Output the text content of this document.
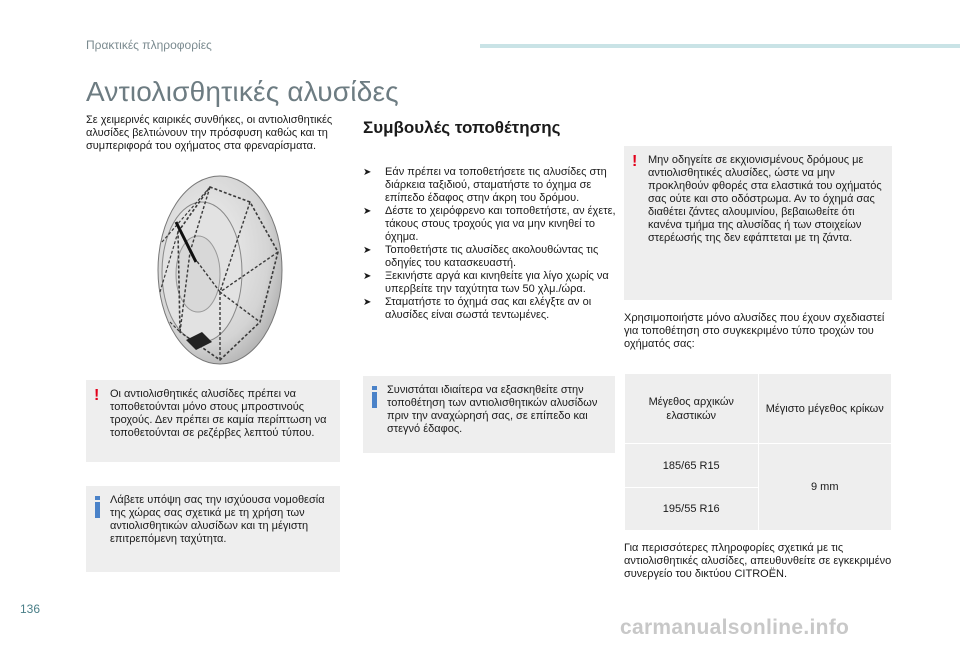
Πρακτικές πληροφορίες
Αντιολισθητικές αλυσίδες

Σε χειμερινές καιρικές συνθήκες, οι αντιολισθητικές αλυσίδες βελτιώνουν την πρόσφυση καθώς και τη συμπεριφορά του οχήματος στα φρεναρίσματα.

! Οι αντιολισθητικές αλυσίδες πρέπει να τοποθετούνται μόνο στους μπροστινούς τροχούς. Δεν πρέπει σε καμία περίπτωση να τοποθετούνται σε ρεζέρβες λεπτού τύπου.

Λάβετε υπόψη σας την ισχύουσα νομοθεσία της χώρας σας σχετικά με τη χρήση των αντιολισθητικών αλυσίδων και τη μέγιστη επιτρεπόμενη ταχύτητα.

Συμβουλές τοποθέτησης
➤ Εάν πρέπει να τοποθετήσετε τις αλυσίδες στη διάρκεια ταξιδιού, σταματήστε το όχημα σε επίπεδο έδαφος στην άκρη του δρόμου.
➤ Δέστε το χειρόφρενο και τοποθετήστε, αν έχετε, τάκους στους τροχούς για να μην κινηθεί το όχημα.
➤ Τοποθετήστε τις αλυσίδες ακολουθώντας τις οδηγίες του κατασκευαστή.
➤ Ξεκινήστε αργά και κινηθείτε για λίγο χωρίς να υπερβείτε την ταχύτητα των 50 χλμ./ώρα.
➤ Σταματήστε το όχημά σας και ελέγξτε αν οι αλυσίδες είναι σωστά τεντωμένες.

Συνιστάται ιδιαίτερα να εξασκηθείτε στην τοποθέτηση των αντιολισθητικών αλυσίδων πριν την αναχώρησή σας, σε επίπεδο και στεγνό έδαφος.

! Μην οδηγείτε σε εκχιονισμένους δρόμους με αντιολισθητικές αλυσίδες, ώστε να μην προκληθούν φθορές στα ελαστικά του οχήματός σας ούτε και στο οδόστρωμα. Αν το όχημά σας διαθέτει ζάντες αλουμινίου, βεβαιωθείτε ότι κανένα τμήμα της αλυσίδας ή των στοιχείων στερέωσής της δεν εφάπτεται με τη ζάντα.

Χρησιμοποιήστε μόνο αλυσίδες που έχουν σχεδιαστεί για τοποθέτηση στο συγκεκριμένο τύπο τροχών του οχήματός σας:

Μέγεθος αρχικών ελαστικών	Μέγιστο μέγεθος κρίκων
185/65 R15	9 mm
195/55 R16	

Για περισσότερες πληροφορίες σχετικά με τις αντιολισθητικές αλυσίδες, απευθυνθείτε σε εγκεκριμένο συνεργείο του δικτύου CITROËN.

136
carmanualsonline.info
